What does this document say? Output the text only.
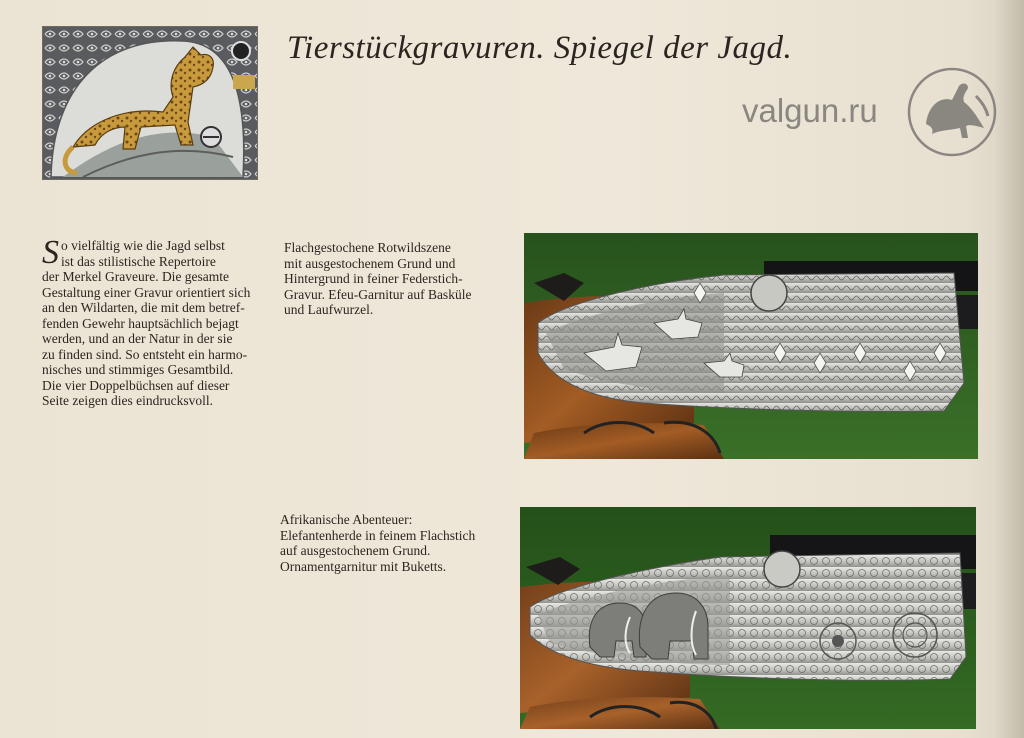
Tierstückgravuren. Spiegel der Jagd.
valgun.ru
S o vielfältig wie die Jagd selbst
ist das stilistische Repertoire
der Merkel Graveure. Die gesamte
Gestaltung einer Gravur orientiert sich
an den Wildarten, die mit dem betref-
fenden Gewehr hauptsächlich bejagt
werden, und an der Natur in der sie
zu finden sind. So entsteht ein harmo-
nisches und stimmiges Gesamtbild.
Die vier Doppelbüchsen auf dieser
Seite zeigen dies eindrucksvoll.
Flachgestochene Rotwildszene
mit ausgestochenem Grund und
Hintergrund in feiner Federstich-
Gravur. Efeu-Garnitur auf Basküle
und Laufwurzel.
Afrikanische Abenteuer:
Elefantenherde in feinem Flachstich
auf ausgestochenem Grund.
Ornamentgarnitur mit Buketts.
